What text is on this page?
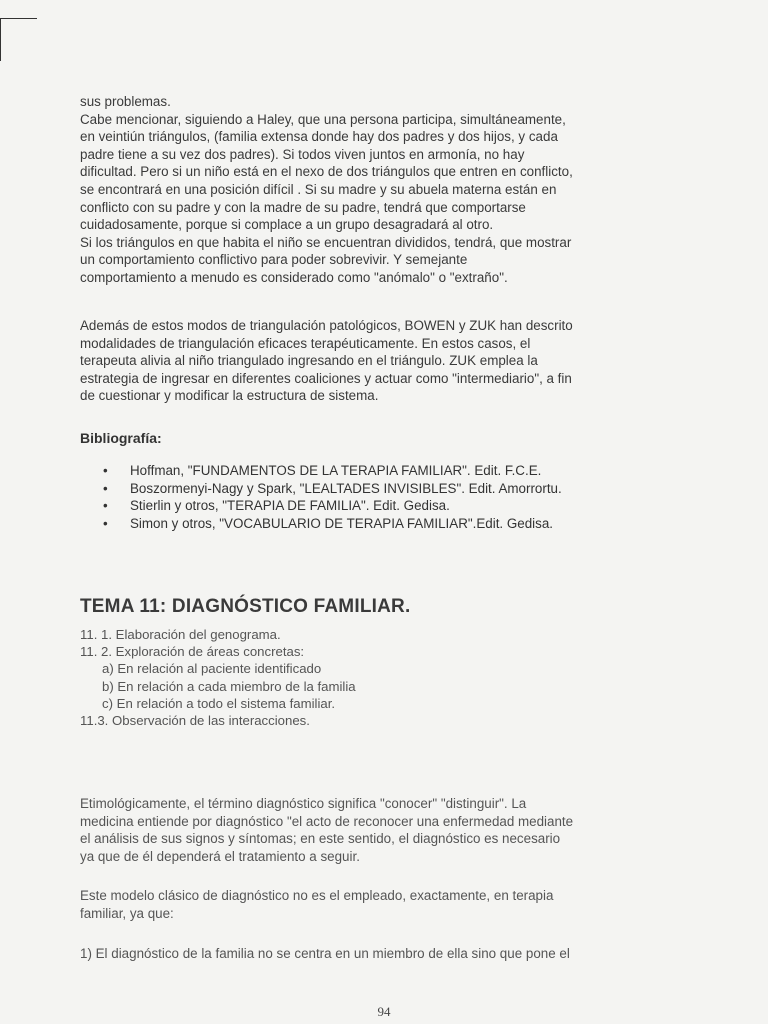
sus problemas.
Cabe mencionar, siguiendo a Haley, que una persona participa, simultáneamente,
en veintiún triángulos, (familia extensa donde hay dos padres y dos hijos, y cada
padre tiene a su vez dos padres). Si todos viven juntos en armonía, no hay
dificultad. Pero si un niño está en el nexo de dos triángulos que entren en conflicto,
se encontrará en una posición difícil . Si su madre y su abuela materna están en
conflicto con su padre y con la madre de su padre, tendrá que comportarse
cuidadosamente, porque si complace a un grupo desagradará al otro.
Si los triángulos en que habita el niño se encuentran divididos, tendrá, que mostrar
un comportamiento conflictivo para poder sobrevivir. Y semejante
comportamiento a menudo es considerado como "anómalo" o "extraño".
Además de estos modos de triangulación patológicos, BOWEN y ZUK han descrito
modalidades de triangulación eficaces terapéuticamente. En estos casos, el
terapeuta alivia al niño triangulado ingresando en el triángulo. ZUK emplea la
estrategia de ingresar en diferentes coaliciones y actuar como "intermediario", a fin
de cuestionar y modificar la estructura de sistema.
Bibliografía:
• Hoffman, "FUNDAMENTOS DE LA TERAPIA FAMILIAR". Edit. F.C.E.
• Boszormenyi-Nagy y Spark, "LEALTADES INVISIBLES". Edit. Amorrortu.
• Stierlin y otros, "TERAPIA DE FAMILIA". Edit. Gedisa.
• Simon y otros, "VOCABULARIO DE TERAPIA FAMILIAR".Edit. Gedisa.
TEMA 11: DIAGNÓSTICO FAMILIAR.
11. 1. Elaboración del genograma.
11. 2. Exploración de áreas concretas:
a) En relación al paciente identificado
b) En relación a cada miembro de la familia
c) En relación a todo el sistema familiar.
11.3. Observación de las interacciones.
Etimológicamente, el término diagnóstico significa "conocer" "distinguir". La
medicina entiende por diagnóstico "el acto de reconocer una enfermedad mediante
el análisis de sus signos y síntomas; en este sentido, el diagnóstico es necesario
ya que de él dependerá el tratamiento a seguir.
Este modelo clásico de diagnóstico no es el empleado, exactamente, en terapia
familiar, ya que:
1) El diagnóstico de la familia no se centra en un miembro de ella sino que pone el
94
